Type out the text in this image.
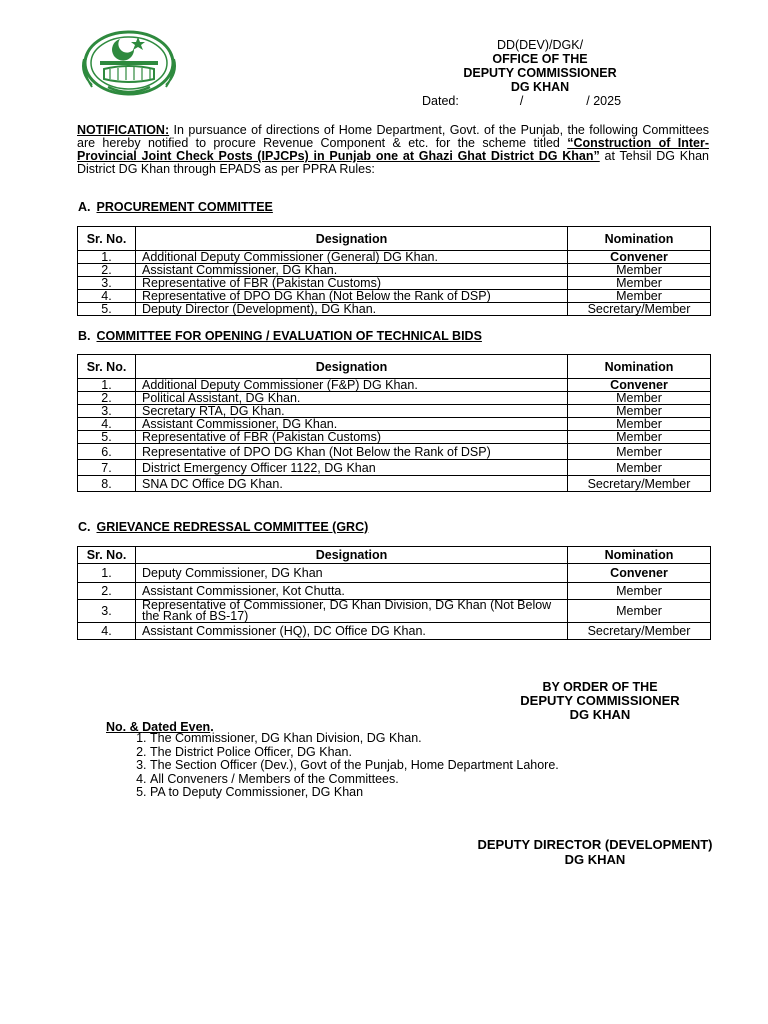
DD(DEV)/DGK/
OFFICE OF THE
DEPUTY COMMISSIONER
DG KHAN
Dated:	/	/ 2025
NOTIFICATION: In pursuance of directions of Home Department, Govt. of the Punjab, the following Committees are hereby notified to procure Revenue Component & etc. for the scheme titled “Construction of Inter-Provincial Joint Check Posts (IPJCPs) in Punjab one at Ghazi Ghat District DG Khan” at Tehsil DG Khan District DG Khan through EPADS as per PPRA Rules:
A. PROCUREMENT COMMITTEE
Sr. No.	Designation	Nomination
1.	Additional Deputy Commissioner (General) DG Khan.	Convener
2.	Assistant Commissioner, DG Khan.	Member
3.	Representative of FBR (Pakistan Customs)	Member
4.	Representative of DPO DG Khan (Not Below the Rank of DSP)	Member
5.	Deputy Director (Development), DG Khan.	Secretary/Member
B. COMMITTEE FOR OPENING / EVALUATION OF TECHNICAL BIDS
Sr. No.	Designation	Nomination
1.	Additional Deputy Commissioner (F&P) DG Khan.	Convener
2.	Political Assistant, DG Khan.	Member
3.	Secretary RTA, DG Khan.	Member
4.	Assistant Commissioner, DG Khan.	Member
5.	Representative of FBR (Pakistan Customs)	Member
6.	Representative of DPO DG Khan (Not Below the Rank of DSP)	Member
7.	District Emergency Officer 1122, DG Khan	Member
8.	SNA DC Office DG Khan.	Secretary/Member
C. GRIEVANCE REDRESSAL COMMITTEE (GRC)
Sr. No.	Designation	Nomination
1.	Deputy Commissioner, DG Khan	Convener
2.	Assistant Commissioner, Kot Chutta.	Member
3.	Representative of Commissioner, DG Khan Division, DG Khan (Not Below the Rank of BS-17)	Member
4.	Assistant Commissioner (HQ), DC Office DG Khan.	Secretary/Member
BY ORDER OF THE
DEPUTY COMMISSIONER
DG KHAN
No. & Dated Even.
1. The Commissioner, DG Khan Division, DG Khan.
2. The District Police Officer, DG Khan.
3. The Section Officer (Dev.), Govt of the Punjab, Home Department Lahore.
4. All Conveners / Members of the Committees.
5. PA to Deputy Commissioner, DG Khan
DEPUTY DIRECTOR (DEVELOPMENT)
DG KHAN
